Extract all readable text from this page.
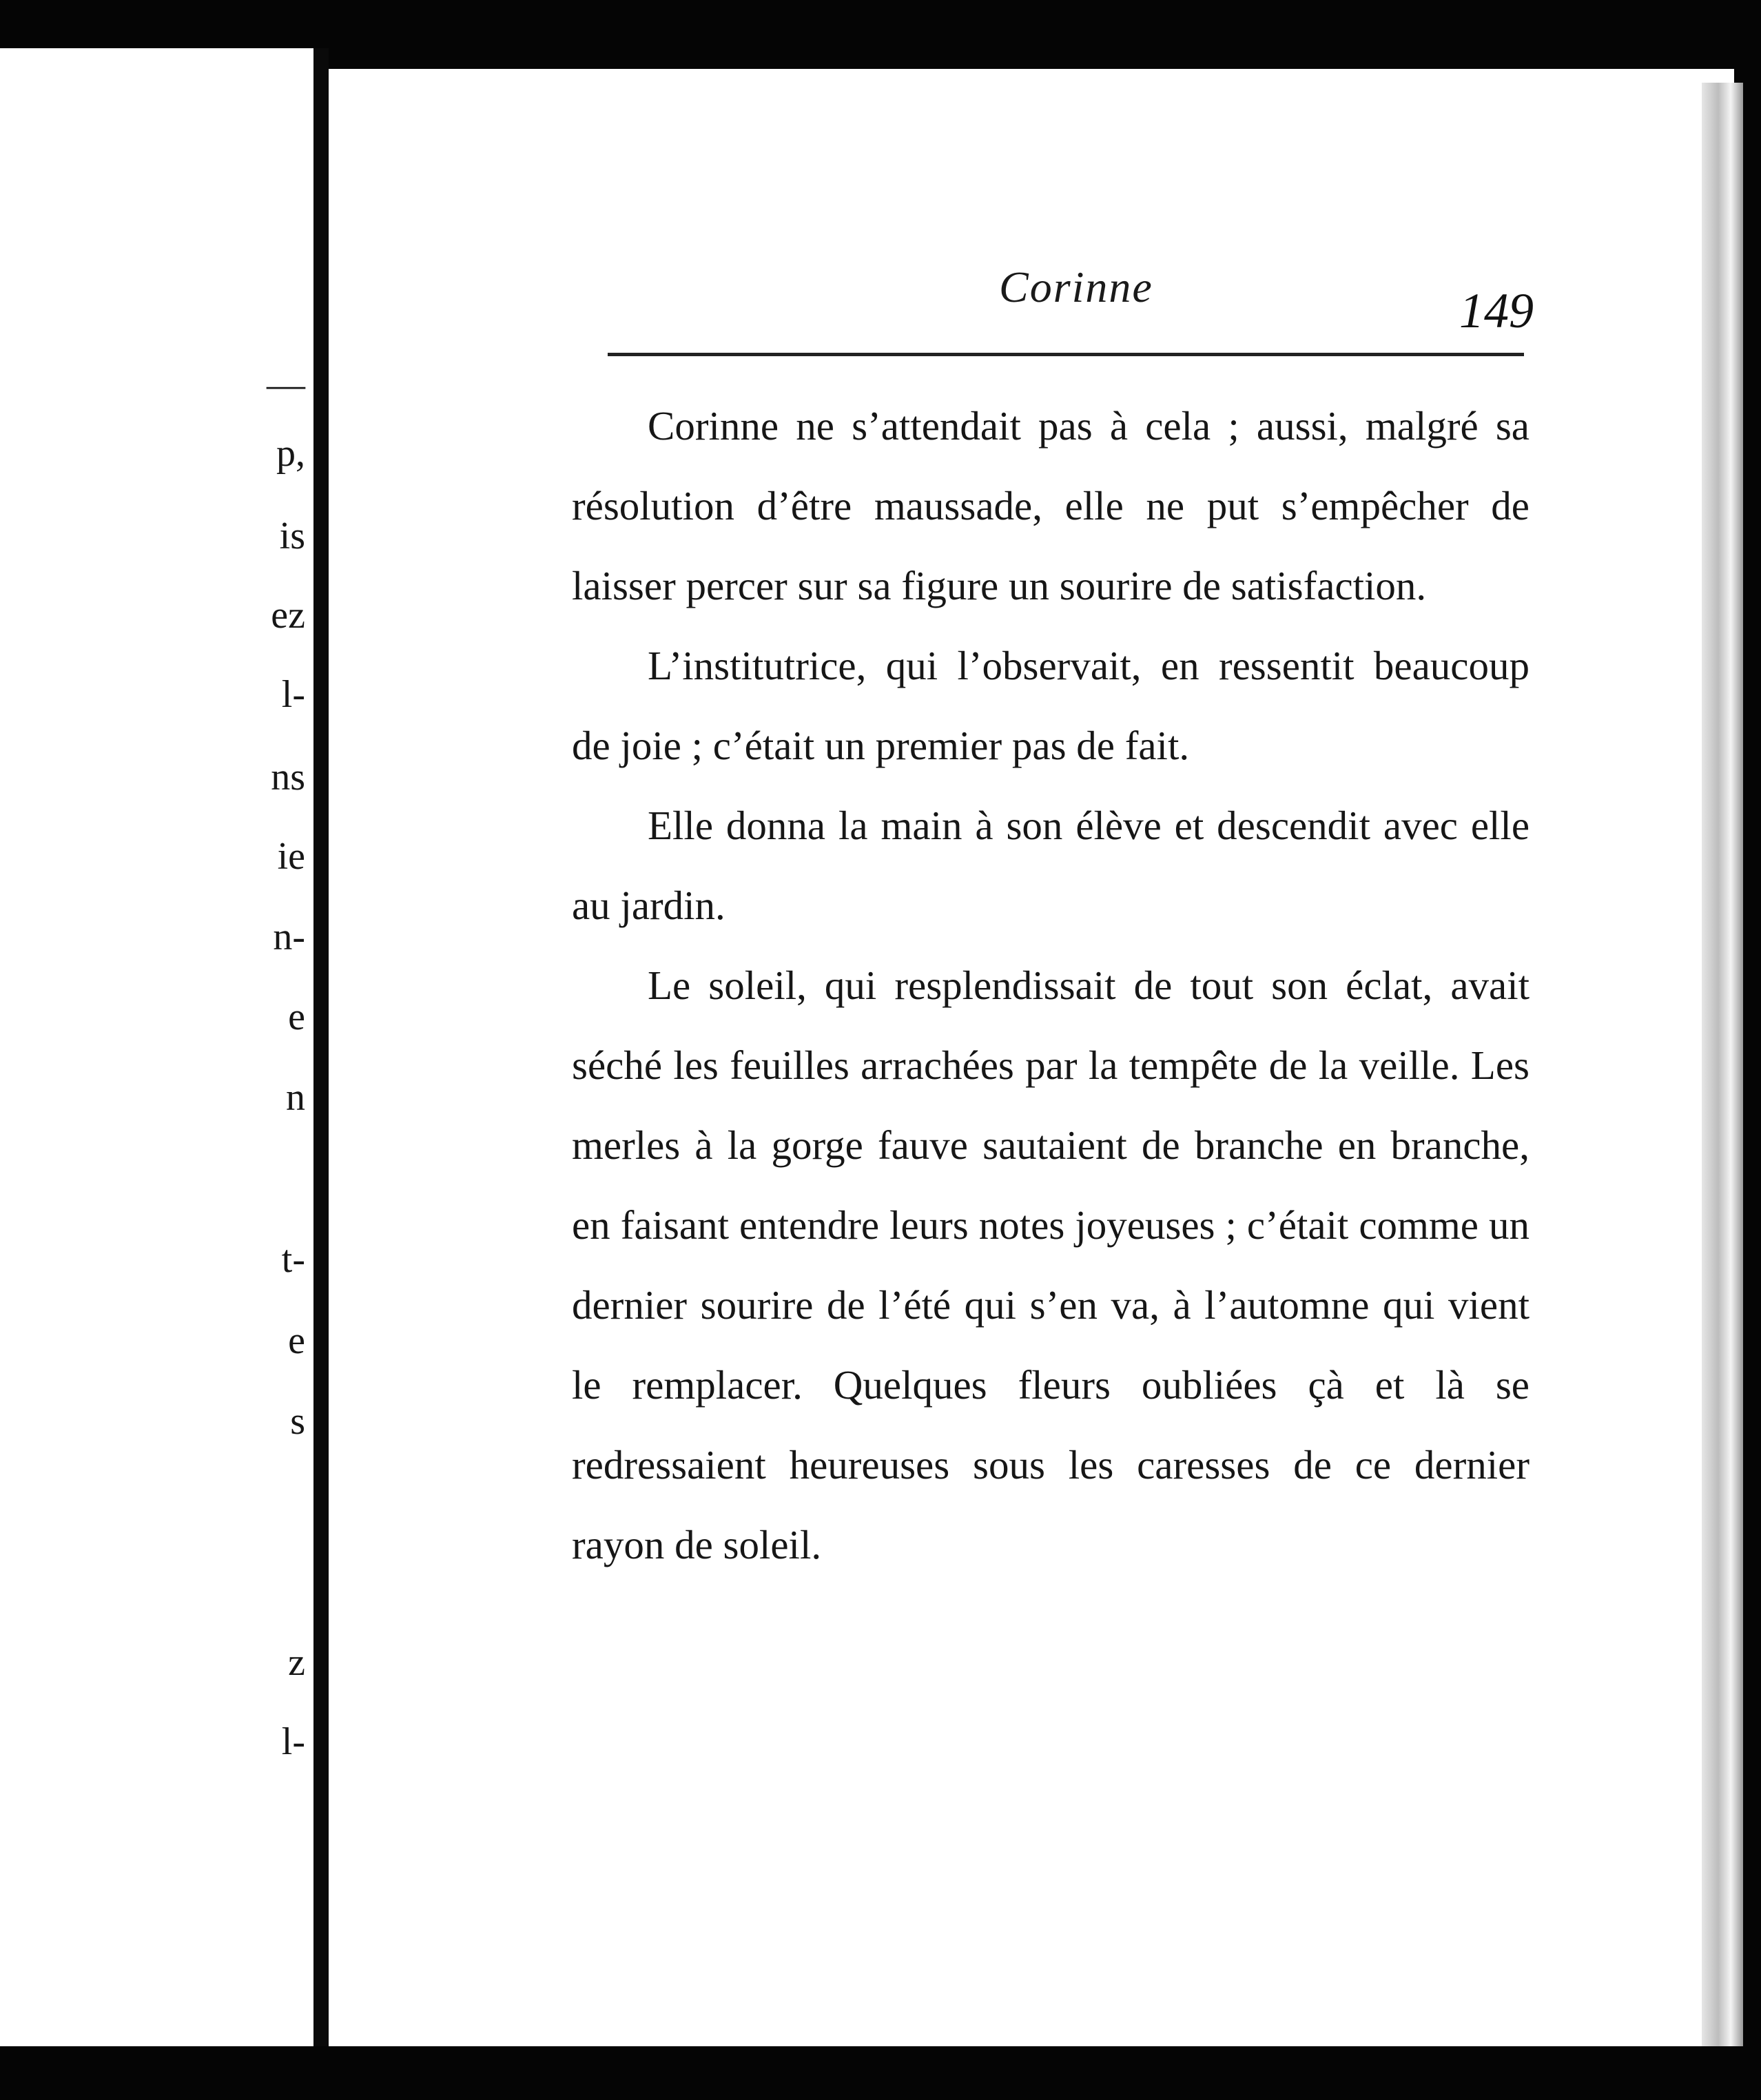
—
p,
is
ez
l-
ns
ie
n-
e
n
t-
e
s
z
l-
Corinne	149

Corinne ne s’attendait pas à cela ; aussi, malgré sa résolution d’être maussade, elle ne put s’empêcher de laisser percer sur sa figure un sourire de satisfaction.

L’institutrice, qui l’observait, en ressentit beaucoup de joie ; c’était un premier pas de fait.

Elle donna la main à son élève et descendit avec elle au jardin.

Le soleil, qui resplendissait de tout son éclat, avait séché les feuilles arrachées par la tempête de la veille. Les merles à la gorge fauve sautaient de branche en branche, en faisant entendre leurs notes joyeuses ; c’était comme un dernier sourire de l’été qui s’en va, à l’automne qui vient le remplacer. Quelques fleurs oubliées çà et là se redressaient heureuses sous les caresses de ce dernier rayon de soleil.
